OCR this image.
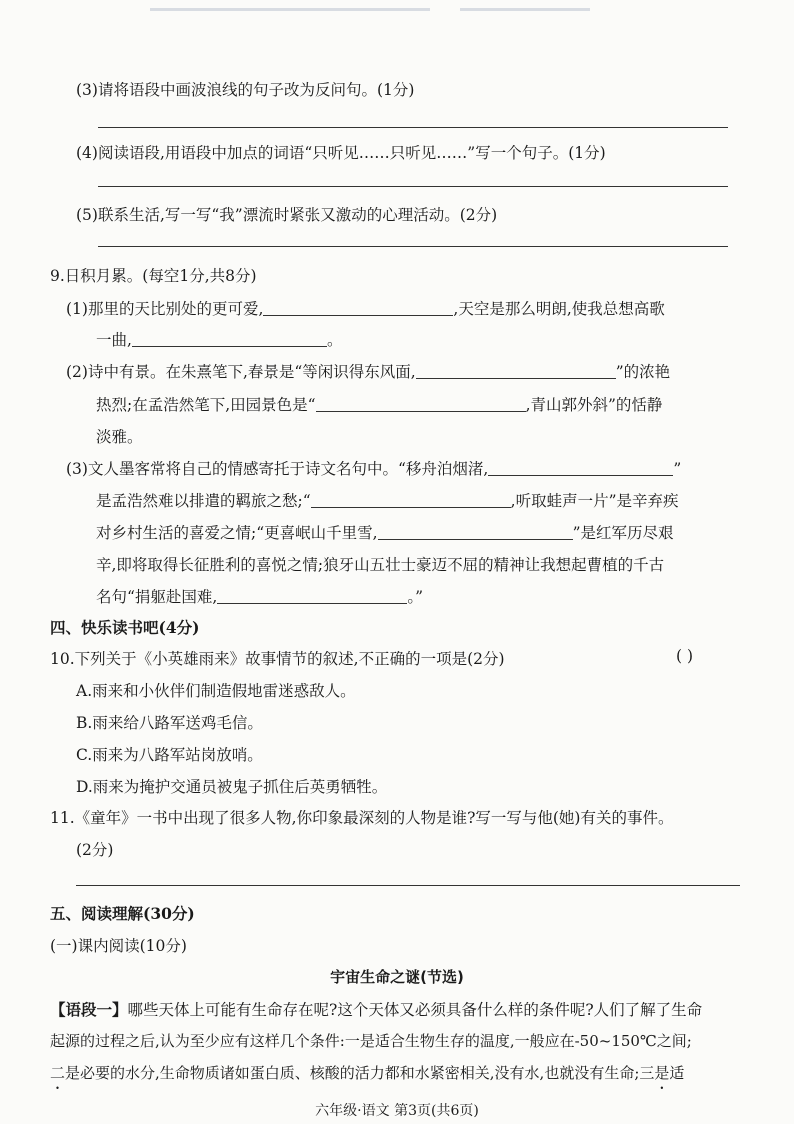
(3)请将语段中画波浪线的句子改为反问句。(1分)
(4)阅读语段,用语段中加点的词语“只听见……只听见……”写一个句子。(1分)
(5)联系生活,写一写“我”漂流时紧张又激动的心理活动。(2分)
9.日积月累。(每空1分,共8分)
(1)那里的天比别处的更可爱,	,天空是那么明朗,使我总想高歌
一曲,	。
(2)诗中有景。在朱熹笔下,春景是“等闲识得东风面,	”的浓艳
热烈;在孟浩然笔下,田园景色是“	,青山郭外斜”的恬静
淡雅。
(3)文人墨客常将自己的情感寄托于诗文名句中。“移舟泊烟渚,	”
是孟浩然难以排遣的羁旅之愁;“	,听取蛙声一片”是辛弃疾
对乡村生活的喜爱之情;“更喜岷山千里雪,	”是红军历尽艰
辛,即将取得长征胜利的喜悦之情;狼牙山五壮士豪迈不屈的精神让我想起曹植的千古
名句“捐躯赴国难,	。”
四、快乐读书吧(4分)
10.下列关于《小英雄雨来》故事情节的叙述,不正确的一项是(2分)	( )
A.雨来和小伙伴们制造假地雷迷惑敌人。
B.雨来给八路军送鸡毛信。
C.雨来为八路军站岗放哨。
D.雨来为掩护交通员被鬼子抓住后英勇牺牲。
11.《童年》一书中出现了很多人物,你印象最深刻的人物是谁?写一写与他(她)有关的事件。
(2分)
五、阅读理解(30分)
(一)课内阅读(10分)
宇宙生命之谜(节选)
【语段一】哪些天体上可能有生命存在呢?这个天体又必须具备什么样的条件呢?人们了解了生命
起源的过程之后,认为至少应有这样几个条件:一是适合生物生存的温度,一般应在-50~150℃之间;
二是必要的水分,生命物质诸如蛋白质、核酸的活力都和水紧密相关,没有水,也就没有生命;三是适
六年级·语文 第3页(共6页)
